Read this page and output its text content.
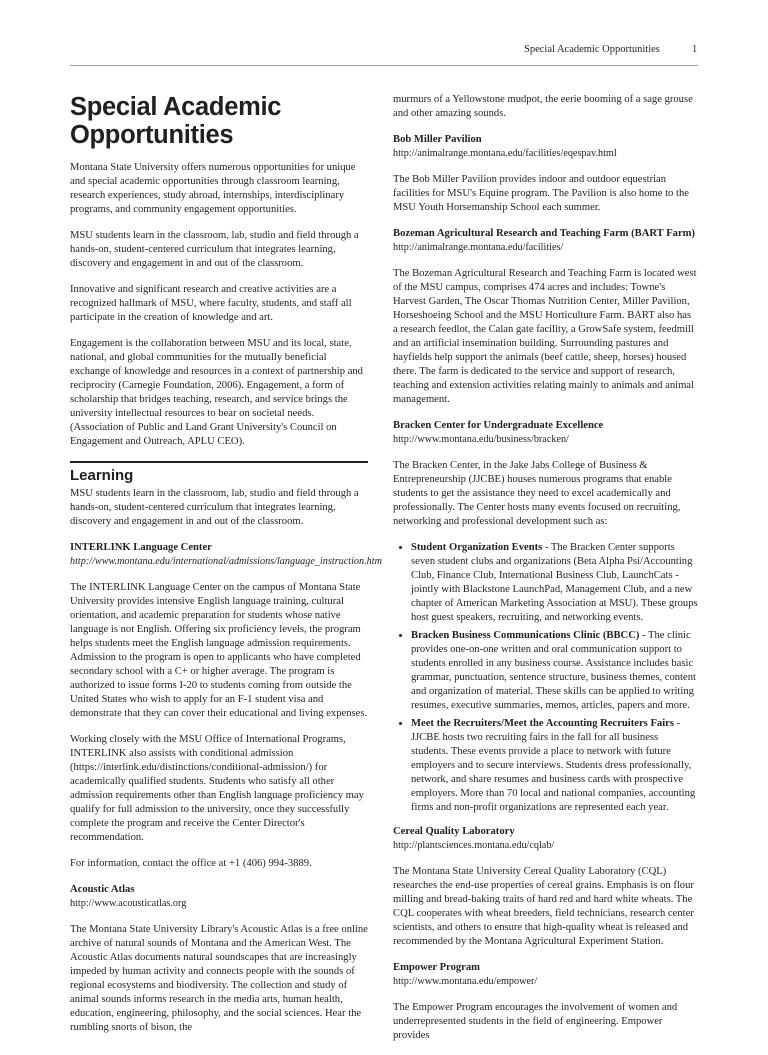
Special Academic Opportunities	1
Special Academic
Opportunities

Montana State University offers numerous opportunities for unique and special academic opportunities through classroom learning, research experiences, study abroad, internships, interdisciplinary programs, and community engagement opportunities.

MSU students learn in the classroom, lab, studio and field through a hands-on, student-centered curriculum that integrates learning, discovery and engagement in and out of the classroom.

Innovative and significant research and creative activities are a recognized hallmark of MSU, where faculty, students, and staff all participate in the creation of knowledge and art.

Engagement is the collaboration between MSU and its local, state, national, and global communities for the mutually beneficial exchange of knowledge and resources in a context of partnership and reciprocity (Carnegie Foundation, 2006). Engagement, a form of scholarship that bridges teaching, research, and service brings the university intellectual resources to bear on societal needs. (Association of Public and Land Grant University's Council on Engagement and Outreach, APLU CEO).

Learning

MSU students learn in the classroom, lab, studio and field through a hands-on, student-centered curriculum that integrates learning, discovery and engagement in and out of the classroom.

INTERLINK Language Center
http://www.montana.edu/international/admissions/language_instruction.htm

The INTERLINK Language Center on the campus of Montana State University provides intensive English language training, cultural orientation, and academic preparation for students whose native language is not English. Offering six proficiency levels, the program helps students meet the English language admission requirements. Admission to the program is open to applicants who have completed secondary school with a C+ or higher average. The program is authorized to issue forms I-20 to students coming from outside the United States who wish to apply for an F-1 student visa and demonstrate that they can cover their educational and living expenses.

Working closely with the MSU Office of International Programs, INTERLINK also assists with conditional admission (https://interlink.edu/distinctions/conditional-admission/) for academically qualified students. Students who satisfy all other admission requirements other than English language proficiency may qualify for full admission to the university, once they successfully complete the program and receive the Center Director's recommendation.

For information, contact the office at +1 (406) 994-3889.

Acoustic Atlas
http://www.acousticatlas.org

The Montana State University Library's Acoustic Atlas is a free online archive of natural sounds of Montana and the American West. The Acoustic Atlas documents natural soundscapes that are increasingly impeded by human activity and connects people with the sounds of regional ecosystems and biodiversity. The collection and study of animal sounds informs research in the media arts, human health, education, engineering, philosophy, and the social sciences. Hear the rumbling snorts of bison, the

murmurs of a Yellowstone mudpot, the eerie booming of a sage grouse and other amazing sounds.

Bob Miller Pavilion
http://animalrange.montana.edu/facilities/eqespav.html

The Bob Miller Pavilion provides indoor and outdoor equestrian facilities for MSU's Equine program. The Pavilion is also home to the MSU Youth Horsemanship School each summer.

Bozeman Agricultural Research and Teaching Farm (BART Farm)
http://animalrange.montana.edu/facilities/

The Bozeman Agricultural Research and Teaching Farm is located west of the MSU campus, comprises 474 acres and includes: Towne's Harvest Garden, The Oscar Thomas Nutrition Center, Miller Pavilion, Horseshoeing School and the MSU Horticulture Farm. BART also has a research feedlot, the Calan gate facility, a GrowSafe system, feedmill and an artificial insemination building. Surrounding pastures and hayfields help support the animals (beef cattle, sheep, horses) housed there. The farm is dedicated to the service and support of research, teaching and extension activities relating mainly to animals and animal management.

Bracken Center for Undergraduate Excellence
http://www.montana.edu/business/bracken/

The Bracken Center, in the Jake Jabs College of Business & Entrepreneurship (JJCBE) houses numerous programs that enable students to get the assistance they need to excel academically and professionally. The Center hosts many events focused on recruiting, networking and professional development such as:

• Student Organization Events - The Bracken Center supports seven student clubs and organizations (Beta Alpha Psi/Accounting Club, Finance Club, International Business Club, LaunchCats - jointly with Blackstone LaunchPad, Management Club, and a new chapter of American Marketing Association at MSU). These groups host guest speakers, recruiting, and networking events.
• Bracken Business Communications Clinic (BBCC) - The clinic provides one-on-one written and oral communication support to students enrolled in any business course. Assistance includes basic grammar, punctuation, sentence structure, business themes, content and organization of material. These skills can be applied to writing resumes, executive summaries, memos, articles, papers and more.
• Meet the Recruiters/Meet the Accounting Recruiters Fairs - JJCBE hosts two recruiting fairs in the fall for all business students. These events provide a place to network with future employers and to secure interviews. Students dress professionally, network, and share resumes and business cards with prospective employers. More than 70 local and national companies, accounting firms and non-profit organizations are represented each year.
Cereal Quality Laboratory
http://plantsciences.montana.edu/cqlab/

The Montana State University Cereal Quality Laboratory (CQL) researches the end-use properties of cereal grains. Emphasis is on flour milling and bread-baking traits of hard red and hard white wheats. The CQL cooperates with wheat breeders, field technicians, research center scientists, and others to ensure that high-quality wheat is released and recommended by the Montana Agricultural Experiment Station.

Empower Program
http://www.montana.edu/empower/

The Empower Program encourages the involvement of women and underrepresented students in the field of engineering. Empower provides
